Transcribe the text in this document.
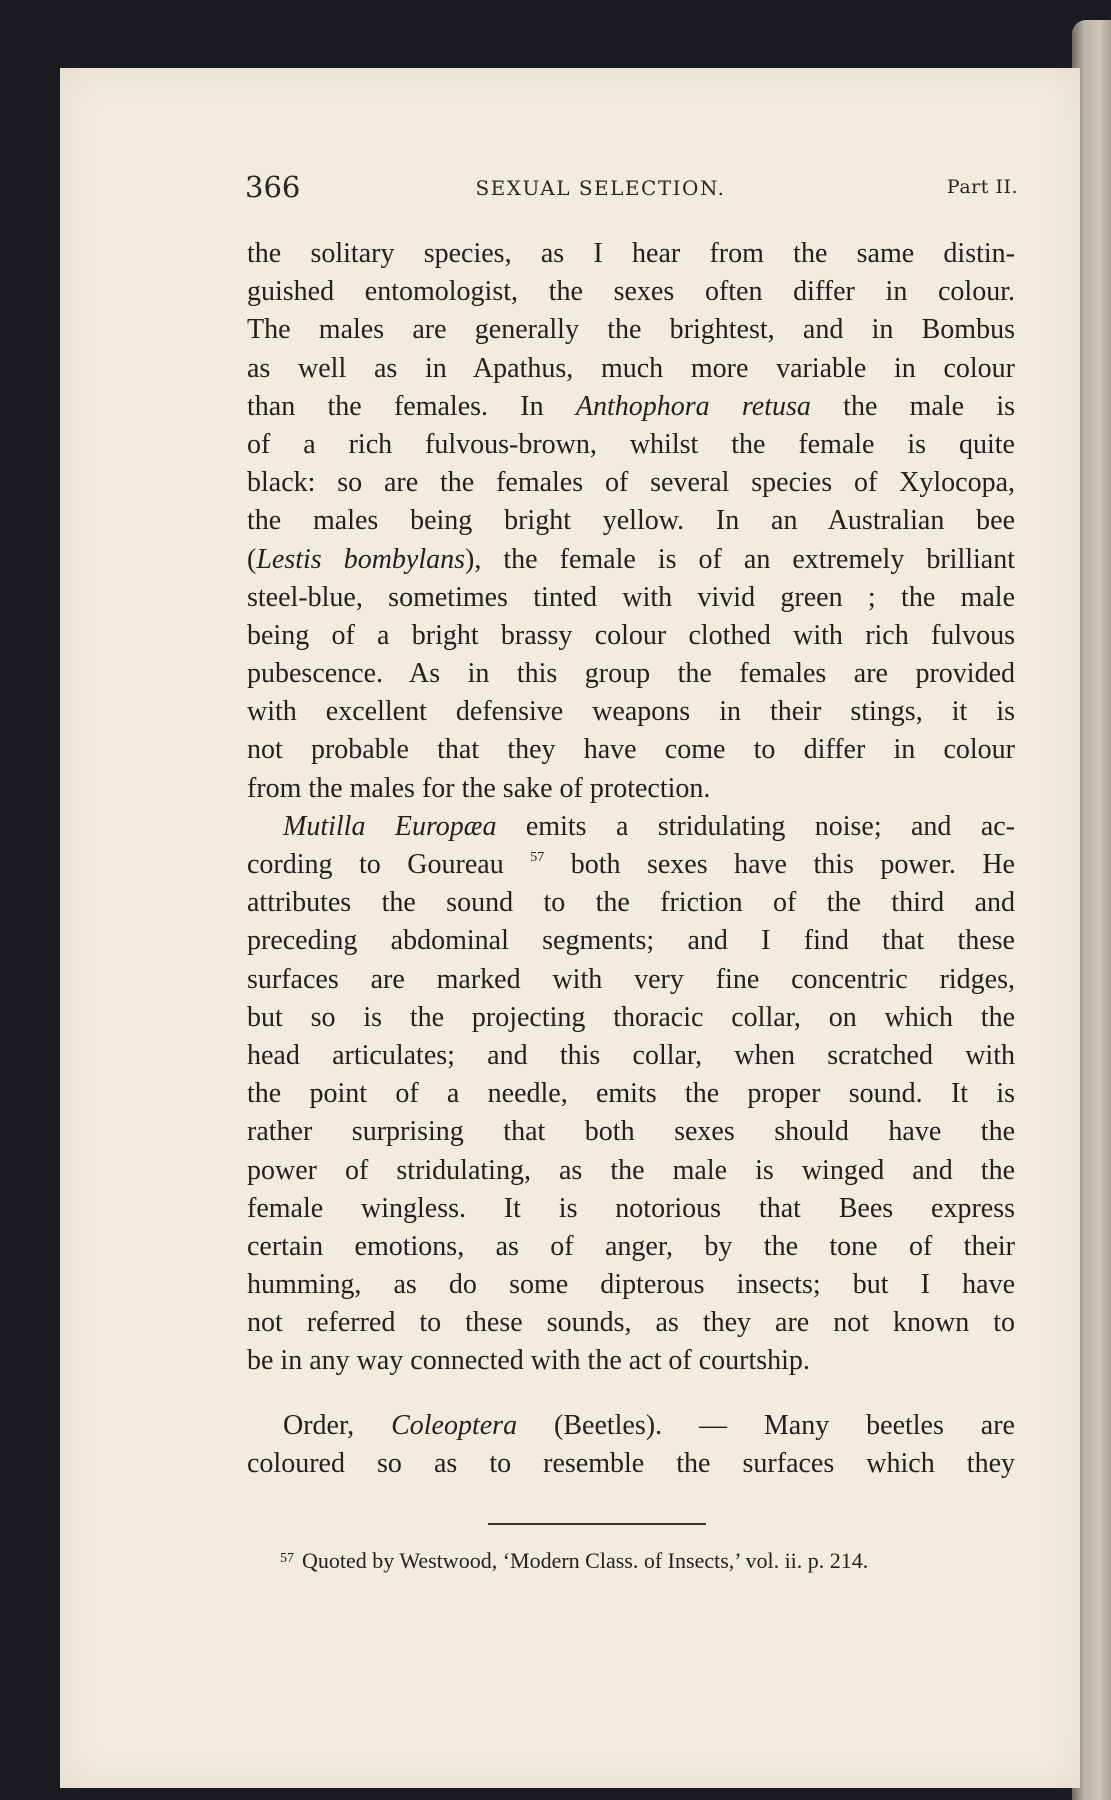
366	SEXUAL SELECTION.	Part II.
the solitary species, as I hear from the same distin-
guished entomologist, the sexes often differ in colour.
The males are generally the brightest, and in Bombus
as well as in Apathus, much more variable in colour
than the females. In Anthophora retusa the male is
of a rich fulvous-brown, whilst the female is quite
black: so are the females of several species of Xylocopa,
the males being bright yellow. In an Australian bee
(Lestis bombylans), the female is of an extremely brilliant
steel-blue, sometimes tinted with vivid green ; the male
being of a bright brassy colour clothed with rich fulvous
pubescence. As in this group the females are provided
with excellent defensive weapons in their stings, it is
not probable that they have come to differ in colour
from the males for the sake of protection.
Mutilla Europæa emits a stridulating noise; and ac-
cording to Goureau $^{57}$ both sexes have this power. He
attributes the sound to the friction of the third and
preceding abdominal segments; and I find that these
surfaces are marked with very fine concentric ridges,
but so is the projecting thoracic collar, on which the
head articulates; and this collar, when scratched with
the point of a needle, emits the proper sound. It is
rather surprising that both sexes should have the
power of stridulating, as the male is winged and the
female wingless. It is notorious that Bees express
certain emotions, as of anger, by the tone of their
humming, as do some dipterous insects; but I have
not referred to these sounds, as they are not known to
be in any way connected with the act of courtship.
Order, Coleoptera (Beetles). — Many beetles are
coloured so as to resemble the surfaces which they
$^{57}$ Quoted by Westwood, ‘Modern Class. of Insects,’ vol. ii. p. 214.
